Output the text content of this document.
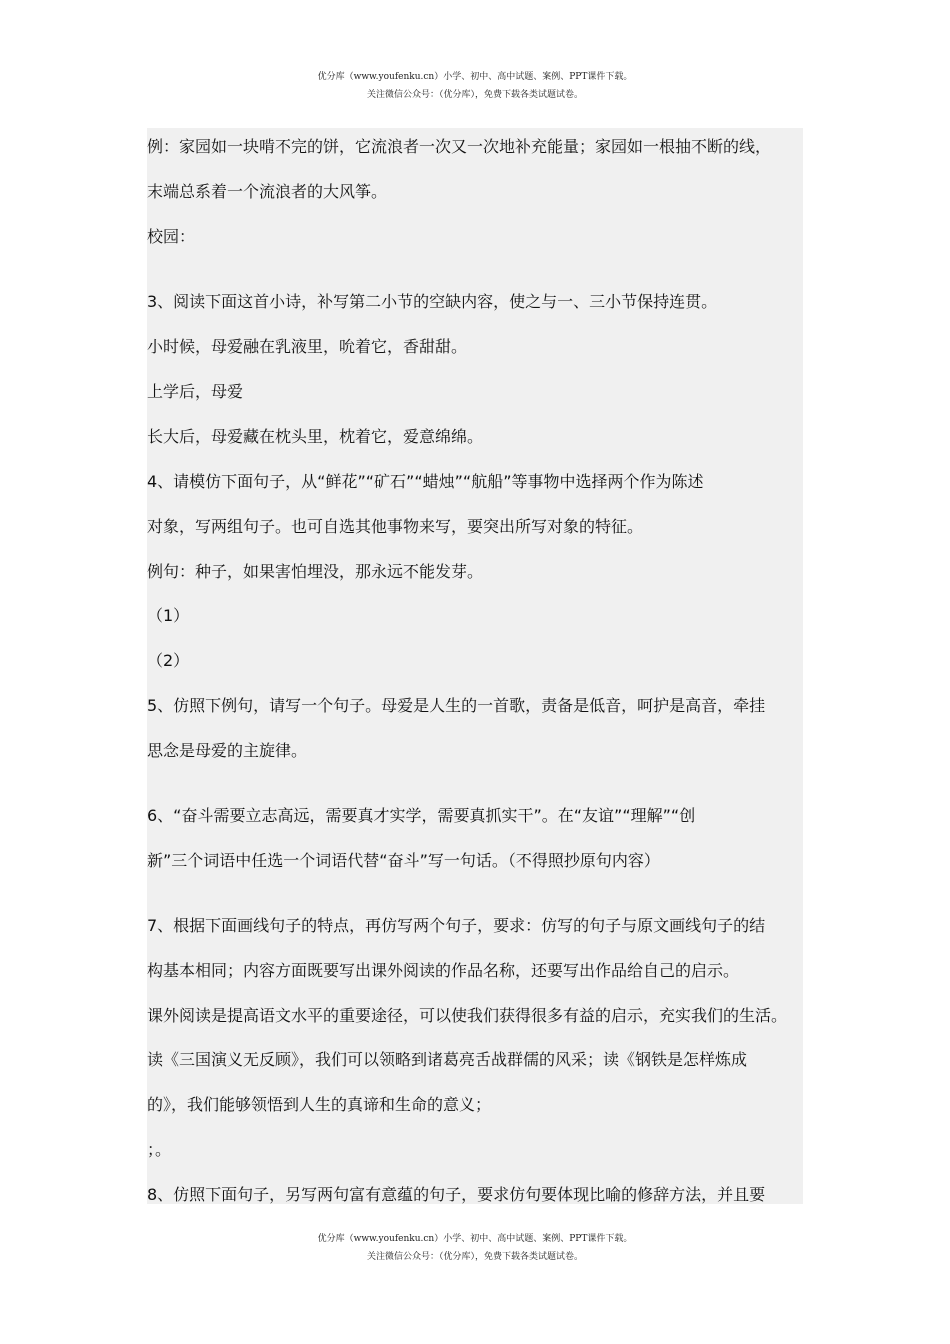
优分库（www.youfenku.cn）小学、初中、高中试题、案例、PPT课件下载。
关注微信公众号：（优分库），免费下载各类试题试卷。
例：家园如一块啃不完的饼，它流浪者一次又一次地补充能量；家园如一根抽不断的线，
末端总系着一个流浪者的大风筝。
校园：
3、阅读下面这首小诗，补写第二小节的空缺内容，使之与一、三小节保持连贯。
小时候，母爱融在乳液里，吮着它，香甜甜。
上学后，母爱
长大后，母爱藏在枕头里，枕着它，爱意绵绵。
4、请模仿下面句子，从“鲜花”“矿石”“蜡烛”“航船”等事物中选择两个作为陈述
对象，写两组句子。也可自选其他事物来写，要突出所写对象的特征。
例句：种子，如果害怕埋没，那永远不能发芽。
（1）
（2）
5、仿照下例句，请写一个句子。母爱是人生的一首歌，责备是低音，呵护是高音，牵挂
思念是母爱的主旋律。
6、“奋斗需要立志高远，需要真才实学，需要真抓实干”。在“友谊”“理解”“创
新”三个词语中任选一个词语代替“奋斗”写一句话。（不得照抄原句内容）
7、根据下面画线句子的特点，再仿写两个句子，要求：仿写的句子与原文画线句子的结
构基本相同；内容方面既要写出课外阅读的作品名称，还要写出作品给自己的启示。
课外阅读是提高语文水平的重要途径，可以使我们获得很多有益的启示，充实我们的生活。
读《三国演义无反顾》，我们可以领略到诸葛亮舌战群儒的风采；读《钢铁是怎样炼成
的》，我们能够领悟到人生的真谛和生命的意义；
；。
8、仿照下面句子，另写两句富有意蕴的句子，要求仿句要体现比喻的修辞方法，并且要
优分库（www.youfenku.cn）小学、初中、高中试题、案例、PPT课件下载。
关注微信公众号：（优分库），免费下载各类试题试卷。
